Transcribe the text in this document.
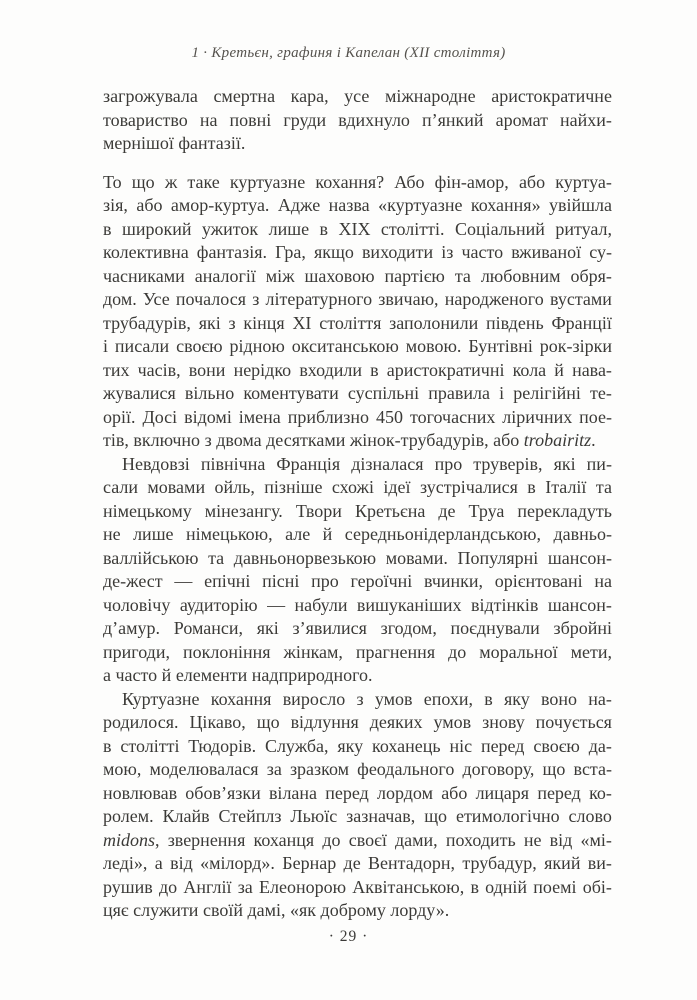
1 · Кретьєн, графиня і Капелан (XII століття)
загрожувала смертна кара, усе міжнародне аристократичне
товариство на повні груди вдихнуло п’янкий аромат найхи-
мернішої фантазії.
То що ж таке куртуазне кохання? Або фін-амор, або куртуа-
зія, або амор-куртуа. Адже назва «куртуазне кохання» увійшла
в широкий ужиток лише в XIX столітті. Соціальний ритуал,
колективна фантазія. Гра, якщо виходити із часто вживаної су-
часниками аналогії між шаховою партією та любовним обря-
дом. Усе почалося з літературного звичаю, народженого вустами
трубадурів, які з кінця XI століття заполонили південь Франції
і писали своєю рідною окситанською мовою. Бунтівні рок-зірки
тих часів, вони нерідко входили в аристократичні кола й нава-
жувалися вільно коментувати суспільні правила і релігійні те-
орії. Досі відомі імена приблизно 450 тогочасних ліричних пое-
тів, включно з двома десятками жінок-трубадурів, або trobairitz.
Невдовзі північна Франція дізналася про труверів, які пи-
сали мовами ойль, пізніше схожі ідеї зустрічалися в Італії та
німецькому мінезангу. Твори Кретьєна де Труа перекладуть
не лише німецькою, але й середньонідерландською, давньо-
валлійською та давньонорвезькою мовами. Популярні шансон-
де-жест — епічні пісні про героїчні вчинки, орієнтовані на
чоловічу аудиторію — набули вишуканіших відтінків шансон-
д’амур. Романси, які з’явилися згодом, поєднували збройні
пригоди, поклоніння жінкам, прагнення до моральної мети,
а часто й елементи надприродного.
Куртуазне кохання виросло з умов епохи, в яку воно на-
родилося. Цікаво, що відлуння деяких умов знову почується
в столітті Тюдорів. Служба, яку коханець ніс перед своєю да-
мою, моделювалася за зразком феодального договору, що вста-
новлював обов’язки вілана перед лордом або лицаря перед ко-
ролем. Клайв Стейплз Льюїс зазначав, що етимологічно слово
midons, звернення коханця до своєї дами, походить не від «мі-
леді», а від «мілорд». Бернар де Вентадорн, трубадур, який ви-
рушив до Англії за Елеонорою Аквітанською, в одній поемі обі-
цяє служити своїй дамі, «як доброму лорду».
· 29 ·
